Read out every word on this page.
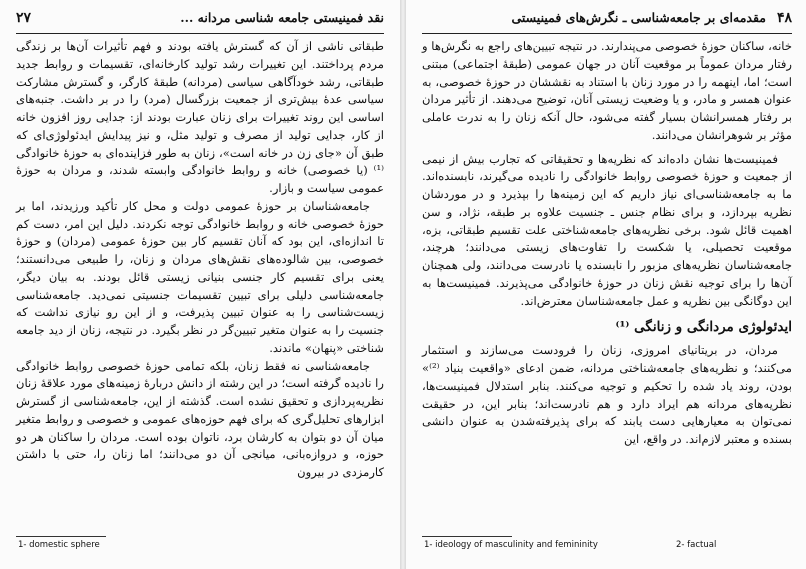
۲۷	نقد فمینیستی جامعه شناسی مردانه ...

طبقاتی ناشی از آن که گسترش یافته بودند و فهم تأثیرات آن‌ها بر زندگی مردم پرداختند. این تغییرات رشد تولید کارخانه‌ای، تقسیمات و روابط جدید طبقاتی، رشد خودآگاهی سیاسی (مردانه) طبقهٔ کارگر، و گسترش مشارکت سیاسی عدهٔ بیش‌تری از جمعیت بزرگسال (مرد) را در بر داشت. جنبه‌های اساسی این روند تغییرات برای زنان عبارت بودند از: جدایی روز افزون خانه از کار، جدایی تولید از مصرف و تولید مثل، و نیز پیدایش ایدئولوژی‌ای که طبق آن «جای زن در خانه است»، زنان به طور فزاینده‌ای به حوزهٔ خانوادگی ⁽¹⁾ (یا خصوصی) خانه و روابط خانوادگی وابسته شدند، و مردان به حوزهٔ عمومی سیاست و بازار.

جامعه‌شناسان بر حوزهٔ عمومی دولت و محل کار تأکید ورزیدند، اما بر حوزهٔ خصوصی خانه و روابط خانوادگی توجه نکردند. دلیل این امر، دست کم تا اندازه‌ای، این بود که آنان تقسیم کار بین حوزهٔ عمومی (مردان) و حوزهٔ خصوصی، بین شالوده‌های نقش‌های مردان و زنان، را طبیعی می‌دانستند؛ یعنی برای تقسیم کار جنسی بنیانی زیستی قائل بودند. به بیان دیگر، جامعه‌شناسی دلیلی برای تبیین تقسیمات جنسیتی نمی‌دید. جامعه‌شناسی زیست‌شناسی را به عنوان تبیین پذیرفت، و از این رو نیازی نداشت که جنسیت را به عنوان متغیر تبیین‌گر در نظر بگیرد. در نتیجه، زنان از دید جامعه شناختی «پنهان» ماندند.

جامعه‌شناسی نه فقط زنان، بلکه تمامی حوزهٔ خصوصی روابط خانوادگی را نادیده گرفته است؛ در این رشته از دانش دربارهٔ زمینه‌های مورد علاقهٔ زنان نظریه‌پردازی و تحقیق نشده است. گذشته از این، جامعه‌شناسی از گسترش ابزارهای تحلیل‌گری که برای فهم حوزه‌های عمومی و خصوصی و روابط متغیر میان آن دو بتوان به کارشان برد، ناتوان بوده است. مردان را ساکنان هر دو حوزه، و دروازه‌بانی، میانجی آن دو می‌دانند؛ اما زنان را، حتی با داشتن کارمزدی در بیرون

1- domestic sphere
۴۸
مقدمه‌ای بر جامعه‌شناسی ـ نگرش‌های فمینیستی

خانه، ساکنان حوزهٔ خصوصی می‌پندارند. در نتیجه تبیین‌های راجع به نگرش‌ها و رفتار مردان عموماً بر موقعیت آنان در جهان عمومی (طبقهٔ اجتماعی) مبتنی است؛ اما، اینهمه را در مورد زنان با استناد به نقششان در حوزهٔ خصوصی، به عنوان همسر و مادر، و یا وضعیت زیستی آنان، توضیح می‌دهند. از تأثیر مردان بر رفتار همسرانشان بسیار گفته می‌شود، حال آنکه زنان را به ندرت عاملی مؤثر بر شوهرانشان می‌دانند.

فمینیست‌ها نشان داده‌اند که نظریه‌ها و تحقیقاتی که تجارب بیش از نیمی از جمعیت و حوزهٔ خصوصی روابط خانوادگی را نادیده می‌گیرند، نابسنده‌اند. ما به جامعه‌شناسی‌ای نیاز داریم که این زمینه‌ها را بپذیرد و در موردشان نظریه بپردازد، و برای نظام جنس ـ جنسیت علاوه بر طبقه، نژاد، و سن اهمیت قائل شود. برخی نظریه‌های جامعه‌شناختی علت تقسیم طبقاتی، بزه، موقعیت تحصیلی، یا شکست را تفاوت‌های زیستی می‌دانند؛ هرچند، جامعه‌شناسان نظریه‌های مزبور را نابسنده یا نادرست می‌دانند، ولی همچنان آن‌ها را برای توجیه نقش زنان در حوزهٔ خانوادگی می‌پذیرند. فمینیست‌ها به این دوگانگی بین نظریه و عمل جامعه‌شناسان معترض‌اند.

ایدئولوژی مردانگی و زنانگی ⁽¹⁾

مردان، در بریتانیای امروزی، زنان را فرودست می‌سازند و استثمار می‌کنند؛ و نظریه‌های جامعه‌شناختی مردانه، ضمن ادعای «واقعیت بنیاد ⁽²⁾» بودن، روند یاد شده را تحکیم و توجیه می‌کنند. بنابر استدلال فمینیست‌ها، نظریه‌های مردانه هم ایراد دارد و هم نادرست‌اند؛ بنابر این، در حقیقت نمی‌توان به معیارهایی دست یابند که برای پذیرفته‌شدن به عنوان دانشی بسنده و معتبر لازم‌اند. در واقع، این

1- ideology of masculinity and femininity	2- factual
